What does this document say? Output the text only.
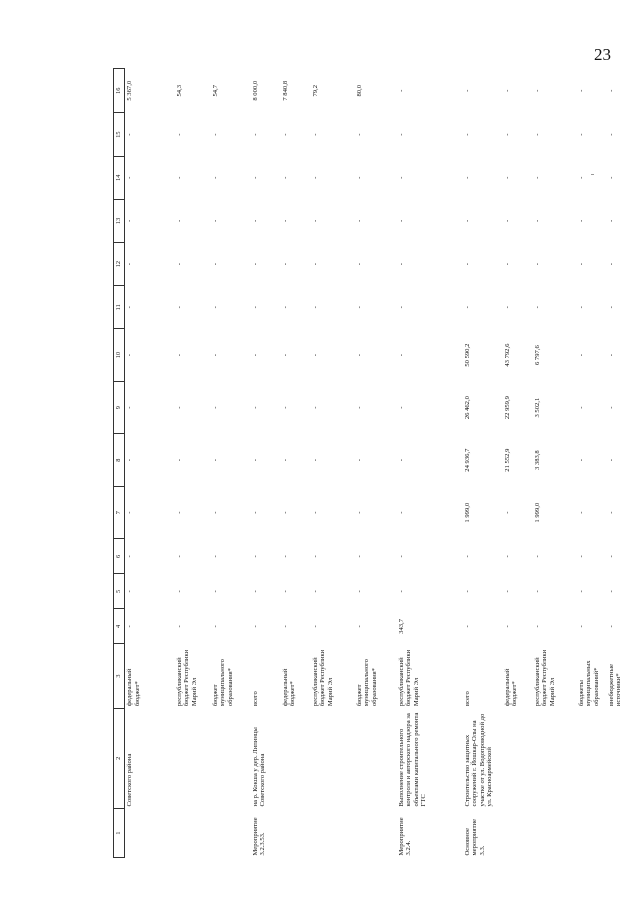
23
1	2	3	4	5	6	7	8	9	10	11	12	13	14	15	16
	Советского района	федеральный бюджет*	-	-	-	-	-	-	-	-	-	-	-	-	5 367,0
		республиканский бюджет Республики Марий Эл	-	-	-	-	-	-	-	-	-	-	-	-	54,3
		бюджет муниципального образования*	-	-	-	-	-	-	-	-	-	-	-	-	54,7
Мероприятие 3.2.3.53.	на р. Кокша у дер. Липинцы Советского района	всего	-	-	-	-	-	-	-	-	-	-	-	-	8 000,0
		федеральный бюджет*	-	-	-	-	-	-	-	-	-	-	-	-	7 840,8
		республиканский бюджет Республики Марий Эл	-	-	-	-	-	-	-	-	-	-	-	-	79,2
		бюджет муниципального образования*	-	-	-	-	-	-	-	-	-	-	-	-	80,0
Мероприятие 3.2.4.	Выполнение строительного контроля и авторского надзора за объектами капитального ремонта ГТС	республиканский бюджет Республики Марий Эл	343,7	-	-	-	-	-	-	-	-	-	-	-	-
Основное мероприятие 3.3.	Строительство защитных сооружений г. Йошкар-Олы на участке от ул. Водопроводной до ул. Красноармейской	всего	-	-	-	1 999,0	24 936,7	26 462,0	50 590,2	-	-	-	-	-	-
		федеральный бюджет*	-	-	-	-	21 552,9	22 959,9	43 792,6	-	-	-	-	-	-
		республиканский бюджет Республики Марий Эл	-	-	-	1 999,0	3 383,8	3 502,1	6 797,6	-	-	-	-	-	-
		бюджеты муниципальных образований*	-	-	-	-	-	-	-	-	-	-	-	-	-
		внебюджетные источники*	-	-	-	-	-	-	-	-	-	-	-	-	-
